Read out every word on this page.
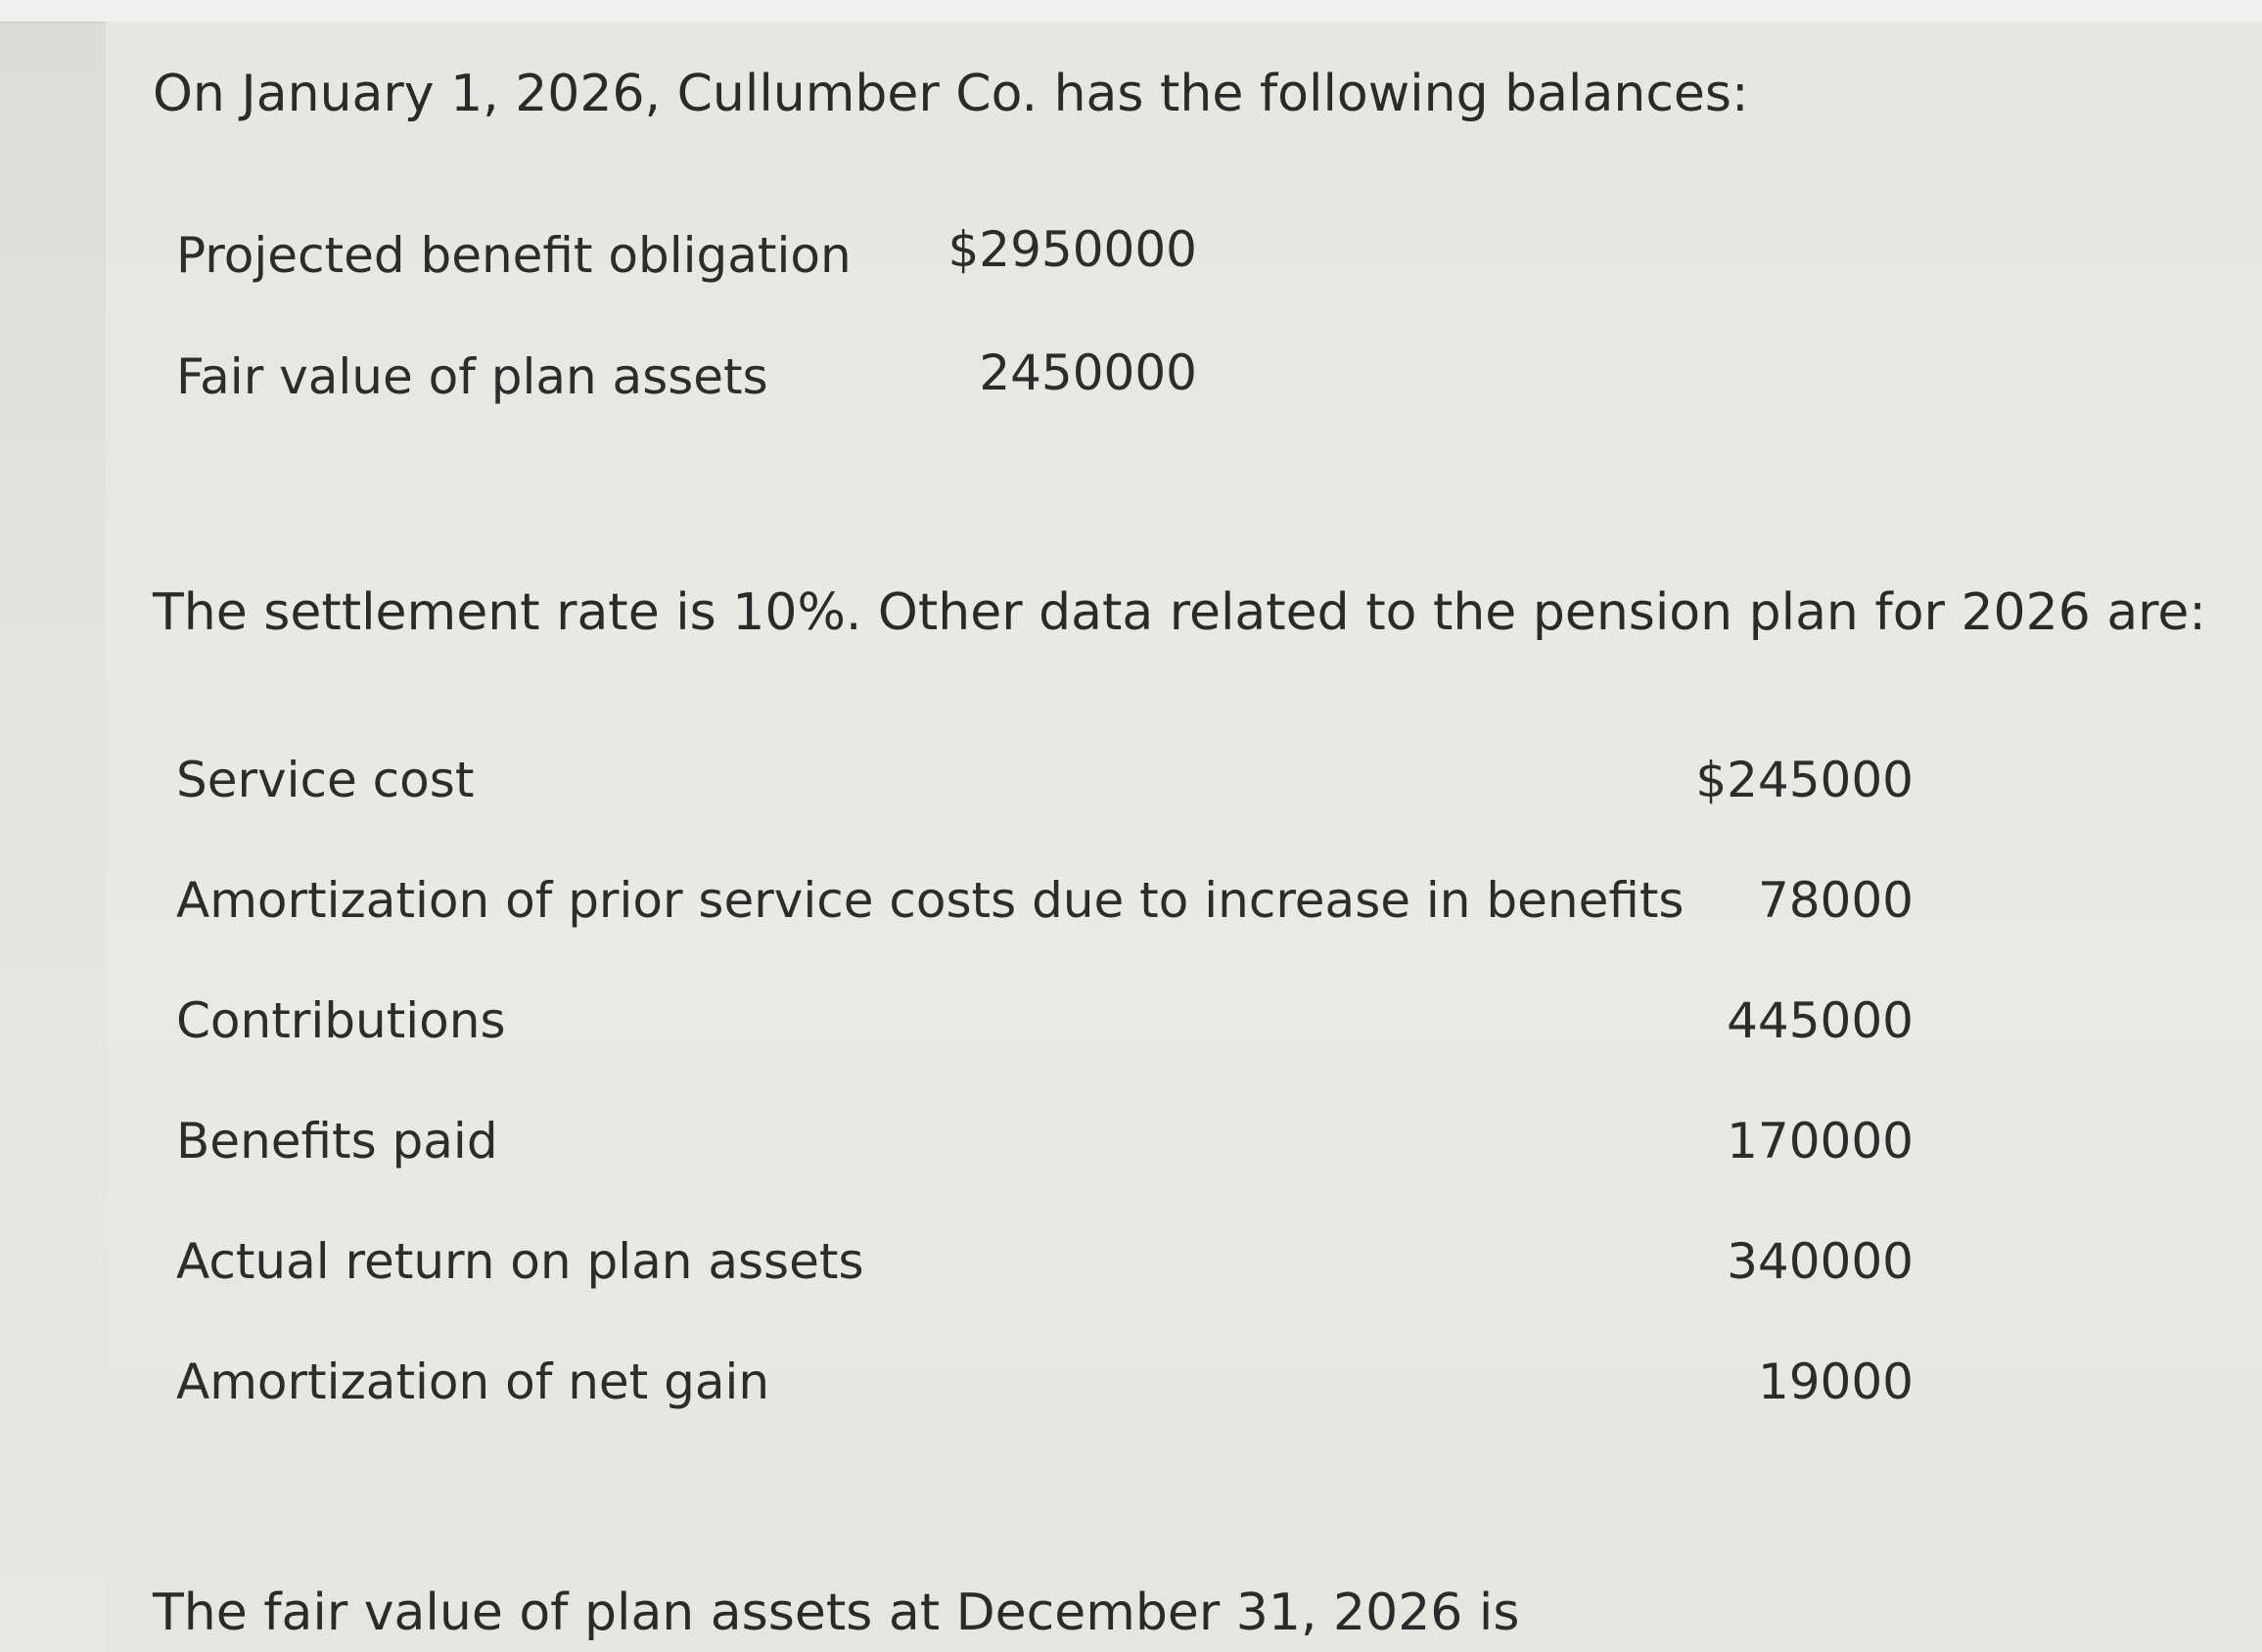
On January 1, 2026, Cullumber Co. has the following balances:
Projected benefit obligation $2950000
Fair value of plan assets	2450000
The settlement rate is 10%. Other data related to the pension plan for 2026 are:
Service cost	$245000
Amortization of prior service costs due to increase in benefits 78000
Contributions	445000
Benefits paid	170000
Actual return on plan assets	340000
Amortization of net gain	19000
The fair value of plan assets at December 31, 2026 is
